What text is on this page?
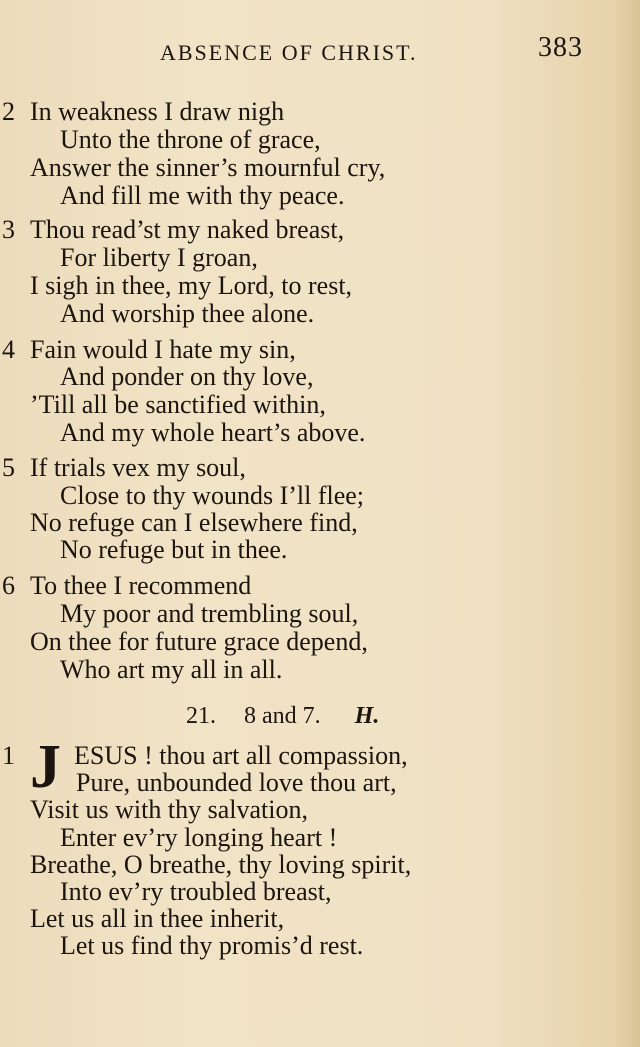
ABSENCE OF CHRIST.	383
2 In weakness I draw nigh
Unto the throne of grace,
Answer the sinner’s mournful cry,
And fill me with thy peace.
3 Thou read’st my naked breast,
For liberty I groan,
I sigh in thee, my Lord, to rest,
And worship thee alone.
4 Fain would I hate my sin,
And ponder on thy love,
’Till all be sanctified within,
And my whole heart’s above.
5 If trials vex my soul,
Close to thy wounds I’ll flee;
No refuge can I elsewhere find,
No refuge but in thee.
6 To thee I recommend
My poor and trembling soul,
On thee for future grace depend,
Who art my all in all.
21. 8 and 7. H.
1 J ESUS ! thou art all compassion,
Pure, unbounded love thou art,
Visit us with thy salvation,
Enter ev’ry longing heart !
Breathe, O breathe, thy loving spirit,
Into ev’ry troubled breast,
Let us all in thee inherit,
Let us find thy promis’d rest.
